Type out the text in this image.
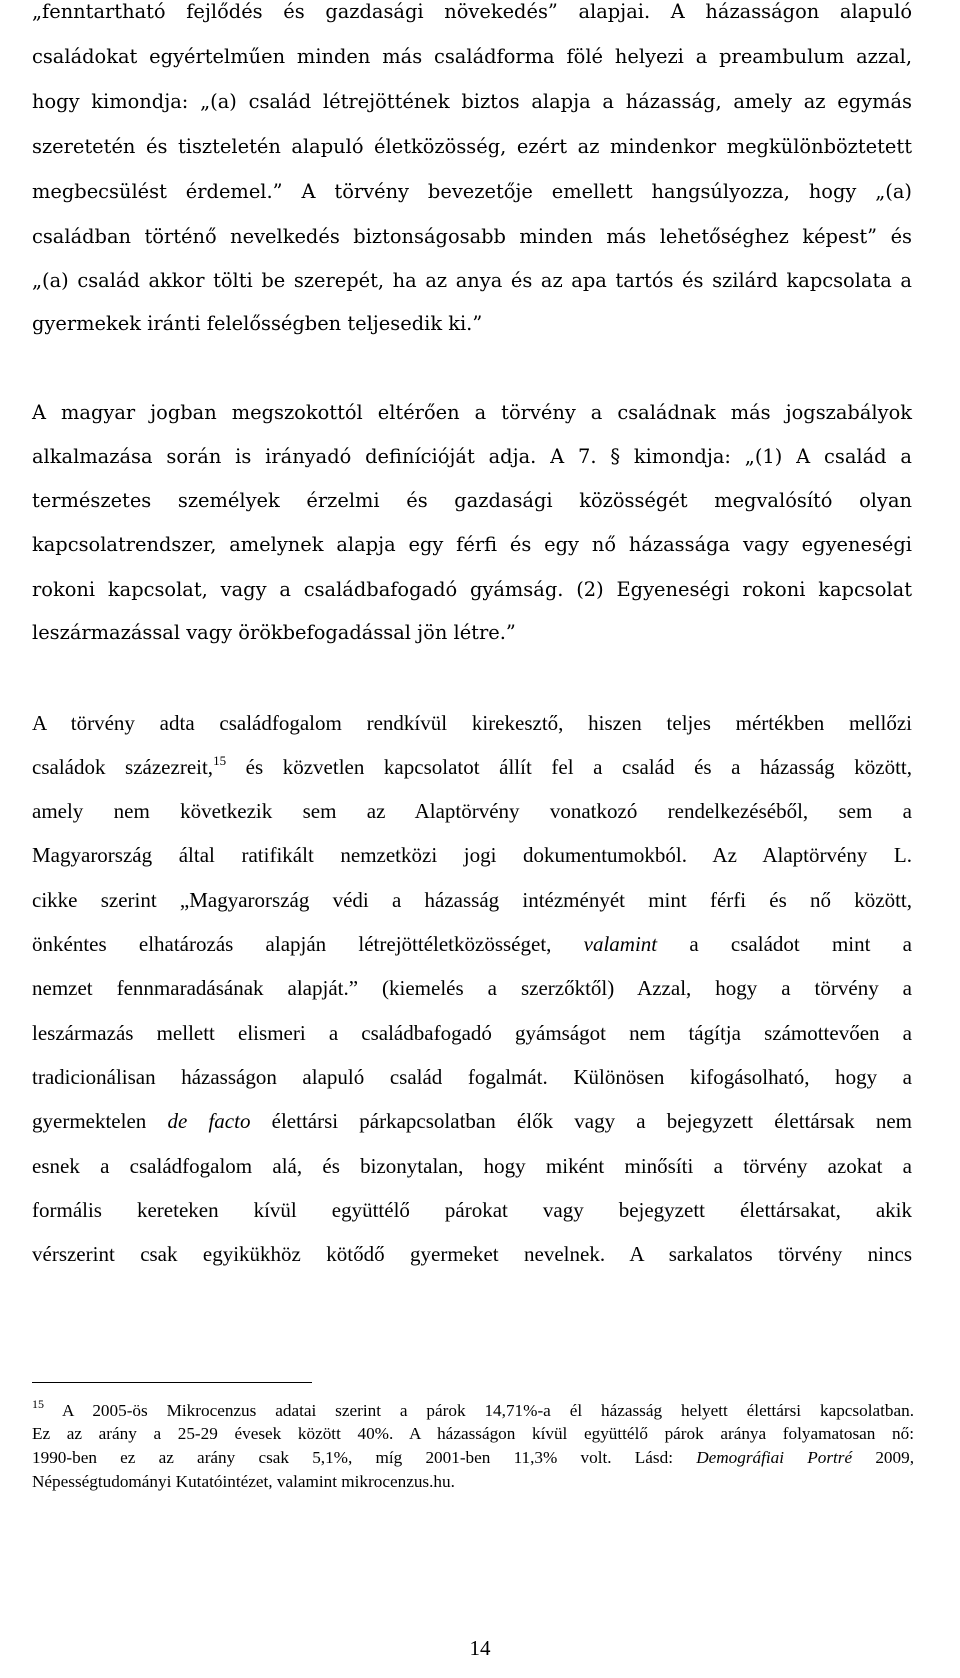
„fenntartható fejlődés és gazdasági növekedés” alapjai. A házasságon alapuló
családokat egyértelműen minden más családforma fölé helyezi a preambulum azzal,
hogy kimondja: „(a) család létrejöttének biztos alapja a házasság, amely az egymás
szeretetén és tiszteletén alapuló életközösség, ezért az mindenkor megkülönböztetett
megbecsülést érdemel.” A törvény bevezetője emellett hangsúlyozza, hogy „(a)
családban történő nevelkedés biztonságosabb minden más lehetőséghez képest” és
„(a) család akkor tölti be szerepét, ha az anya és az apa tartós és szilárd kapcsolata a
gyermekek iránti felelősségben teljesedik ki.”
A magyar jogban megszokottól eltérően a törvény a családnak más jogszabályok
alkalmazása során is irányadó definícióját adja. A 7. § kimondja: „(1) A család a
természetes személyek érzelmi és gazdasági közösségét megvalósító olyan
kapcsolatrendszer, amelynek alapja egy férfi és egy nő házassága vagy egyeneségi
rokoni kapcsolat, vagy a családbafogadó gyámság. (2) Egyeneségi rokoni kapcsolat
leszármazással vagy örökbefogadással jön létre.”
A törvény adta családfogalom rendkívül kirekesztő, hiszen teljes mértékben mellőzi
családok százezreit,$^{15}$ és közvetlen kapcsolatot állít fel a család és a házasság között,
amely nem következik sem az Alaptörvény vonatkozó rendelkezéséből, sem a
Magyarország által ratifikált nemzetközi jogi dokumentumokból. Az Alaptörvény L.
cikke szerint „Magyarország védi a házasság intézményét mint férfi és nő között,
önkéntes elhatározás alapján létrejöttéletközösséget, valamint a családot mint a
nemzet fennmaradásának alapját.” (kiemelés a szerzőktől) Azzal, hogy a törvény a
leszármazás mellett elismeri a családbafogadó gyámságot nem tágítja számottevően a
tradicionálisan házasságon alapuló család fogalmát. Különösen kifogásolható, hogy a
gyermektelen de facto élettársi párkapcsolatban élők vagy a bejegyzett élettársak nem
esnek a családfogalom alá, és bizonytalan, hogy miként minősíti a törvény azokat a
formális kereteken kívül együttélő párokat vagy bejegyzett élettársakat, akik
vérszerint csak egyikükhöz kötődő gyermeket nevelnek. A sarkalatos törvény nincs
$^{15}$ A 2005-ös Mikrocenzus adatai szerint a párok 14,71%-a él házasság helyett élettársi kapcsolatban.
Ez az arány a 25-29 évesek között 40%. A házasságon kívül együttélő párok aránya folyamatosan nő:
1990-ben ez az arány csak 5,1%, míg 2001-ben 11,3% volt. Lásd: Demográfiai Portré 2009,
Népességtudományi Kutatóintézet, valamint mikrocenzus.hu.
14
